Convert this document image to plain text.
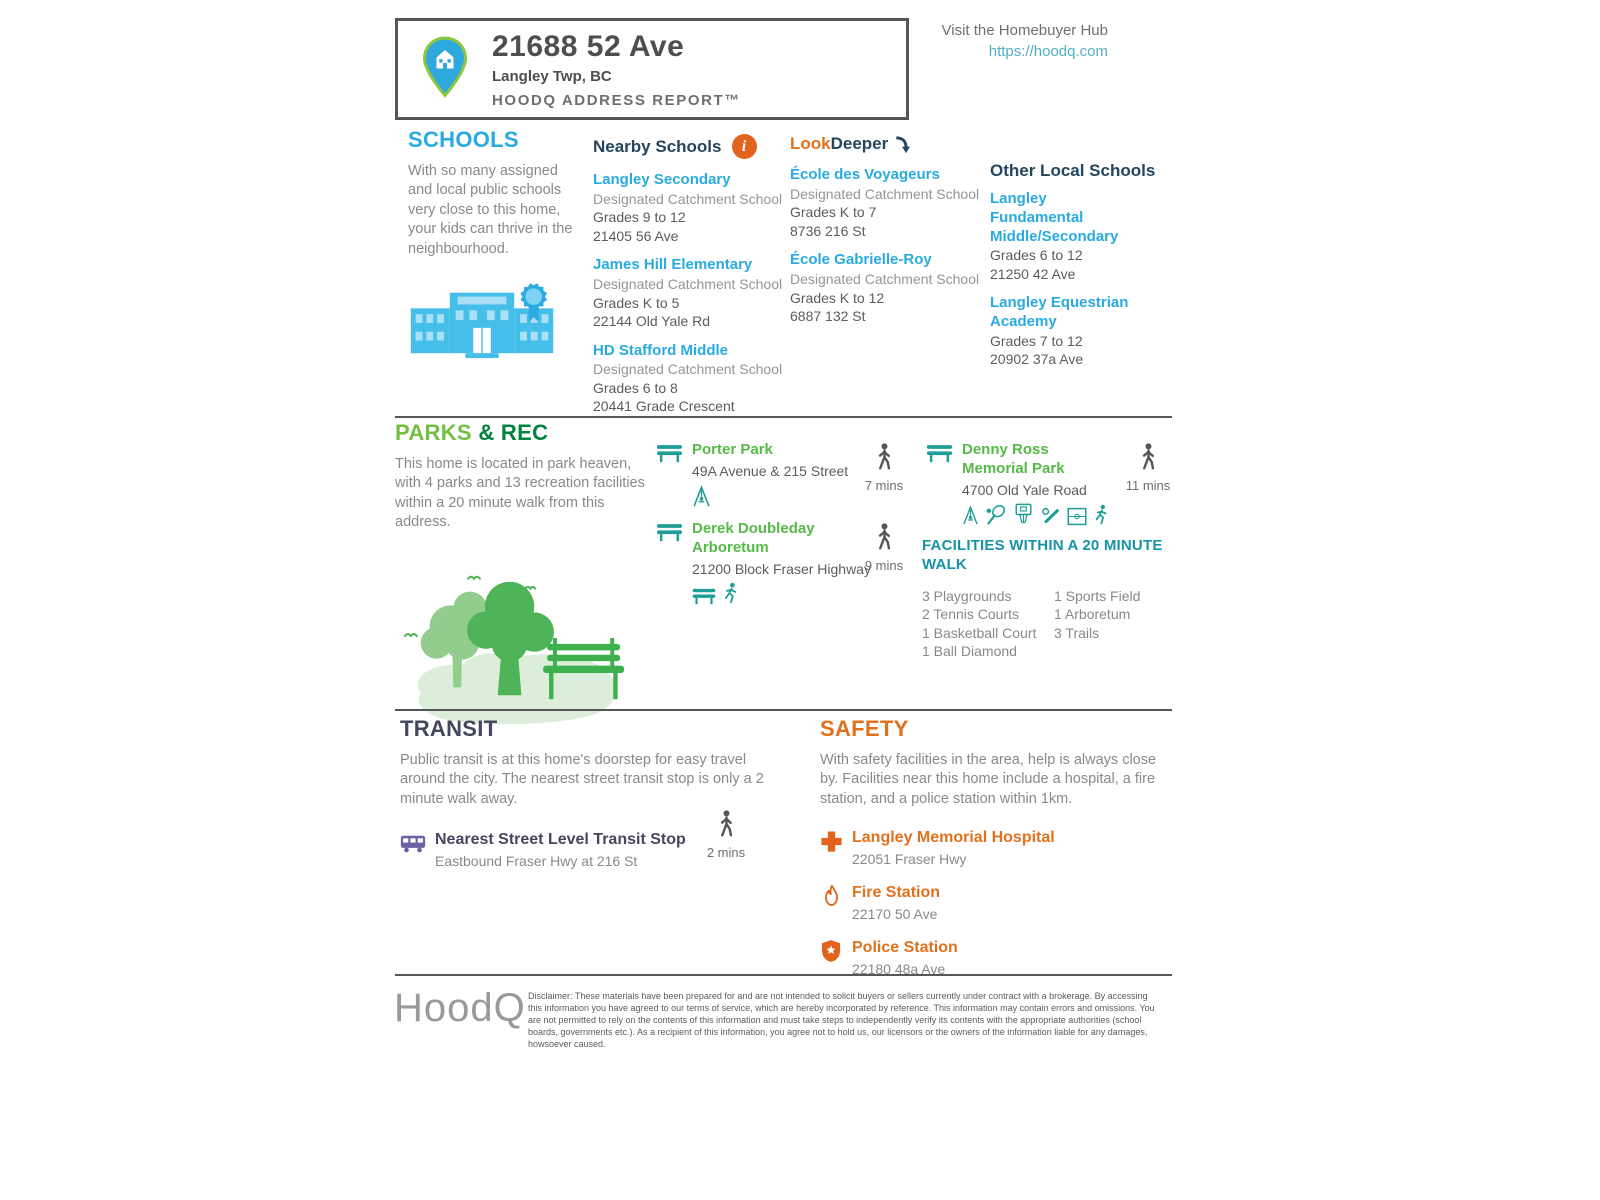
21688 52 Ave
Langley Twp, BC
HOODQ ADDRESS REPORT™
Visit the Homebuyer Hub
https://hoodq.com
SCHOOLS
With so many assigned and local public schools very close to this home, your kids can thrive in the neighbourhood.
Nearby Schools	i
Langley Secondary
Designated Catchment School
Grades 9 to 12
21405 56 Ave
James Hill Elementary
Designated Catchment School
Grades K to 5
22144 Old Yale Rd
HD Stafford Middle
Designated Catchment School
Grades 6 to 8
20441 Grade Crescent
LookDeeper
École des Voyageurs
Designated Catchment School
Grades K to 7
8736 216 St
École Gabrielle-Roy
Designated Catchment School
Grades K to 12
6887 132 St
Other Local Schools
Langley Fundamental Middle/Secondary
Grades 6 to 12
21250 42 Ave
Langley Equestrian Academy
Grades 7 to 12
20902 37a Ave
PARKS & REC
This home is located in park heaven, with 4 parks and 13 recreation facilities within a 20 minute walk from this address.
Porter Park
49A Avenue & 215 Street
7 mins
Derek Doubleday Arboretum
21200 Block Fraser Highway
9 mins
Denny Ross Memorial Park
4700 Old Yale Road	11 mins
FACILITIES WITHIN A 20 MINUTE WALK
3 Playgrounds
2 Tennis Courts
1 Basketball Court
1 Ball Diamond
1 Sports Field
1 Arboretum
3 Trails
TRANSIT
Public transit is at this home's doorstep for easy travel around the city. The nearest street transit stop is only a 2 minute walk away.
Nearest Street Level Transit Stop
Eastbound Fraser Hwy at 216 St
2 mins
SAFETY
With safety facilities in the area, help is always close by. Facilities near this home include a hospital, a fire station, and a police station within 1km.
Langley Memorial Hospital
22051 Fraser Hwy
Fire Station
22170 50 Ave
Police Station
22180 48a Ave
HoodQ Disclaimer: These materials have been prepared for and are not intended to solicit buyers or sellers currently under contract with a brokerage. By accessing this information you have agreed to our terms of service, which are hereby incorporated by reference. This information may contain errors and omissions. You are not permitted to rely on the contents of this information and must take steps to independently verify its contents with the appropriate authorities (school boards, governments etc.). As a recipient of this information, you agree not to hold us, our licensors or the owners of the information liable for any damages, howsoever caused.
